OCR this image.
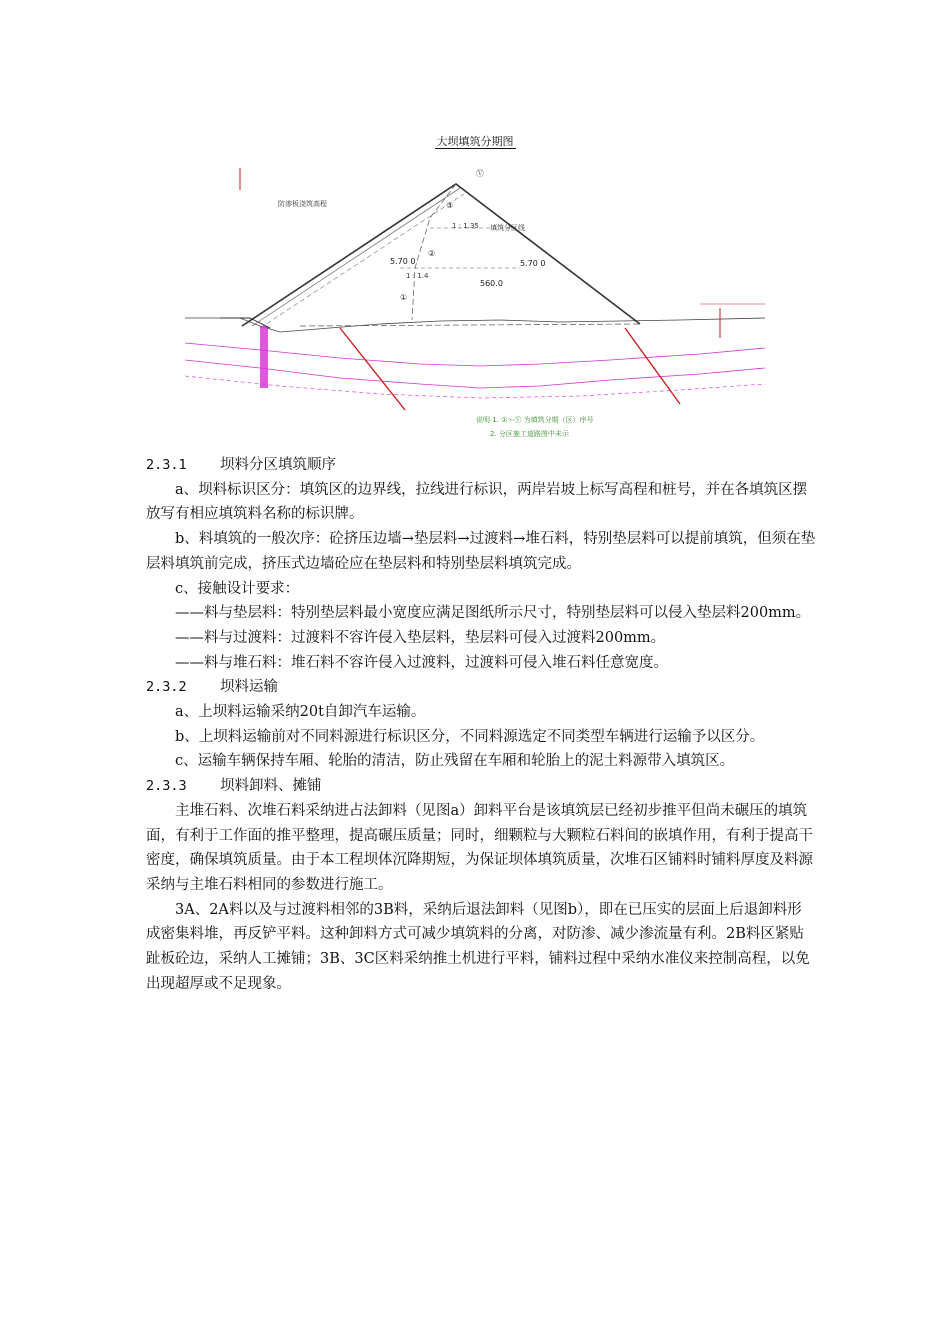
大坝填筑分期图
5.70 0	5.70 0
560.0
填筑分区线
防渗板浇筑高程
1 : 1.35
1 : 1.4
①
②
③
Ⓥ
说明 1. ①～Ⓥ 为填筑分期（区）序号
2. 分区施工道路图中未示

2.3.1 坝料分区填筑顺序

a、坝料标识区分：填筑区的边界线，拉线进行标识，两岸岩坡上标写高程和桩号，并在各填筑区摆放写有相应填筑料名称的标识牌。

b、料填筑的一般次序：砼挤压边墙→垫层料→过渡料→堆石料，特别垫层料可以提前填筑，但须在垫层料填筑前完成，挤压式边墙砼应在垫层料和特别垫层料填筑完成。

c、接触设计要求：

——料与垫层料：特别垫层料最小宽度应满足图纸所示尺寸，特别垫层料可以侵入垫层料200mm。

——料与过渡料：过渡料不容许侵入垫层料，垫层料可侵入过渡料200mm。

——料与堆石料：堆石料不容许侵入过渡料，过渡料可侵入堆石料任意宽度。

2.3.2 坝料运输

a、上坝料运输采纳20t自卸汽车运输。

b、上坝料运输前对不同料源进行标识区分，不同料源选定不同类型车辆进行运输予以区分。

c、运输车辆保持车厢、轮胎的清洁，防止残留在车厢和轮胎上的泥土料源带入填筑区。

2.3.3 坝料卸料、摊铺

主堆石料、次堆石料采纳进占法卸料（见图a）卸料平台是该填筑层已经初步推平但尚未碾压的填筑面，有利于工作面的推平整理，提高碾压质量；同时，细颗粒与大颗粒石料间的嵌填作用，有利于提高干密度，确保填筑质量。由于本工程坝体沉降期短，为保证坝体填筑质量，次堆石区铺料时铺料厚度及料源采纳与主堆石料相同的参数进行施工。

3A、2A料以及与过渡料相邻的3B料，采纳后退法卸料（见图b），即在已压实的层面上后退卸料形成密集料堆，再反铲平料。这种卸料方式可减少填筑料的分离，对防渗、减少渗流量有利。2B料区紧贴趾板砼边，采纳人工摊铺；3B、3C区料采纳推土机进行平料，铺料过程中采纳水准仪来控制高程，以免出现超厚或不足现象。
